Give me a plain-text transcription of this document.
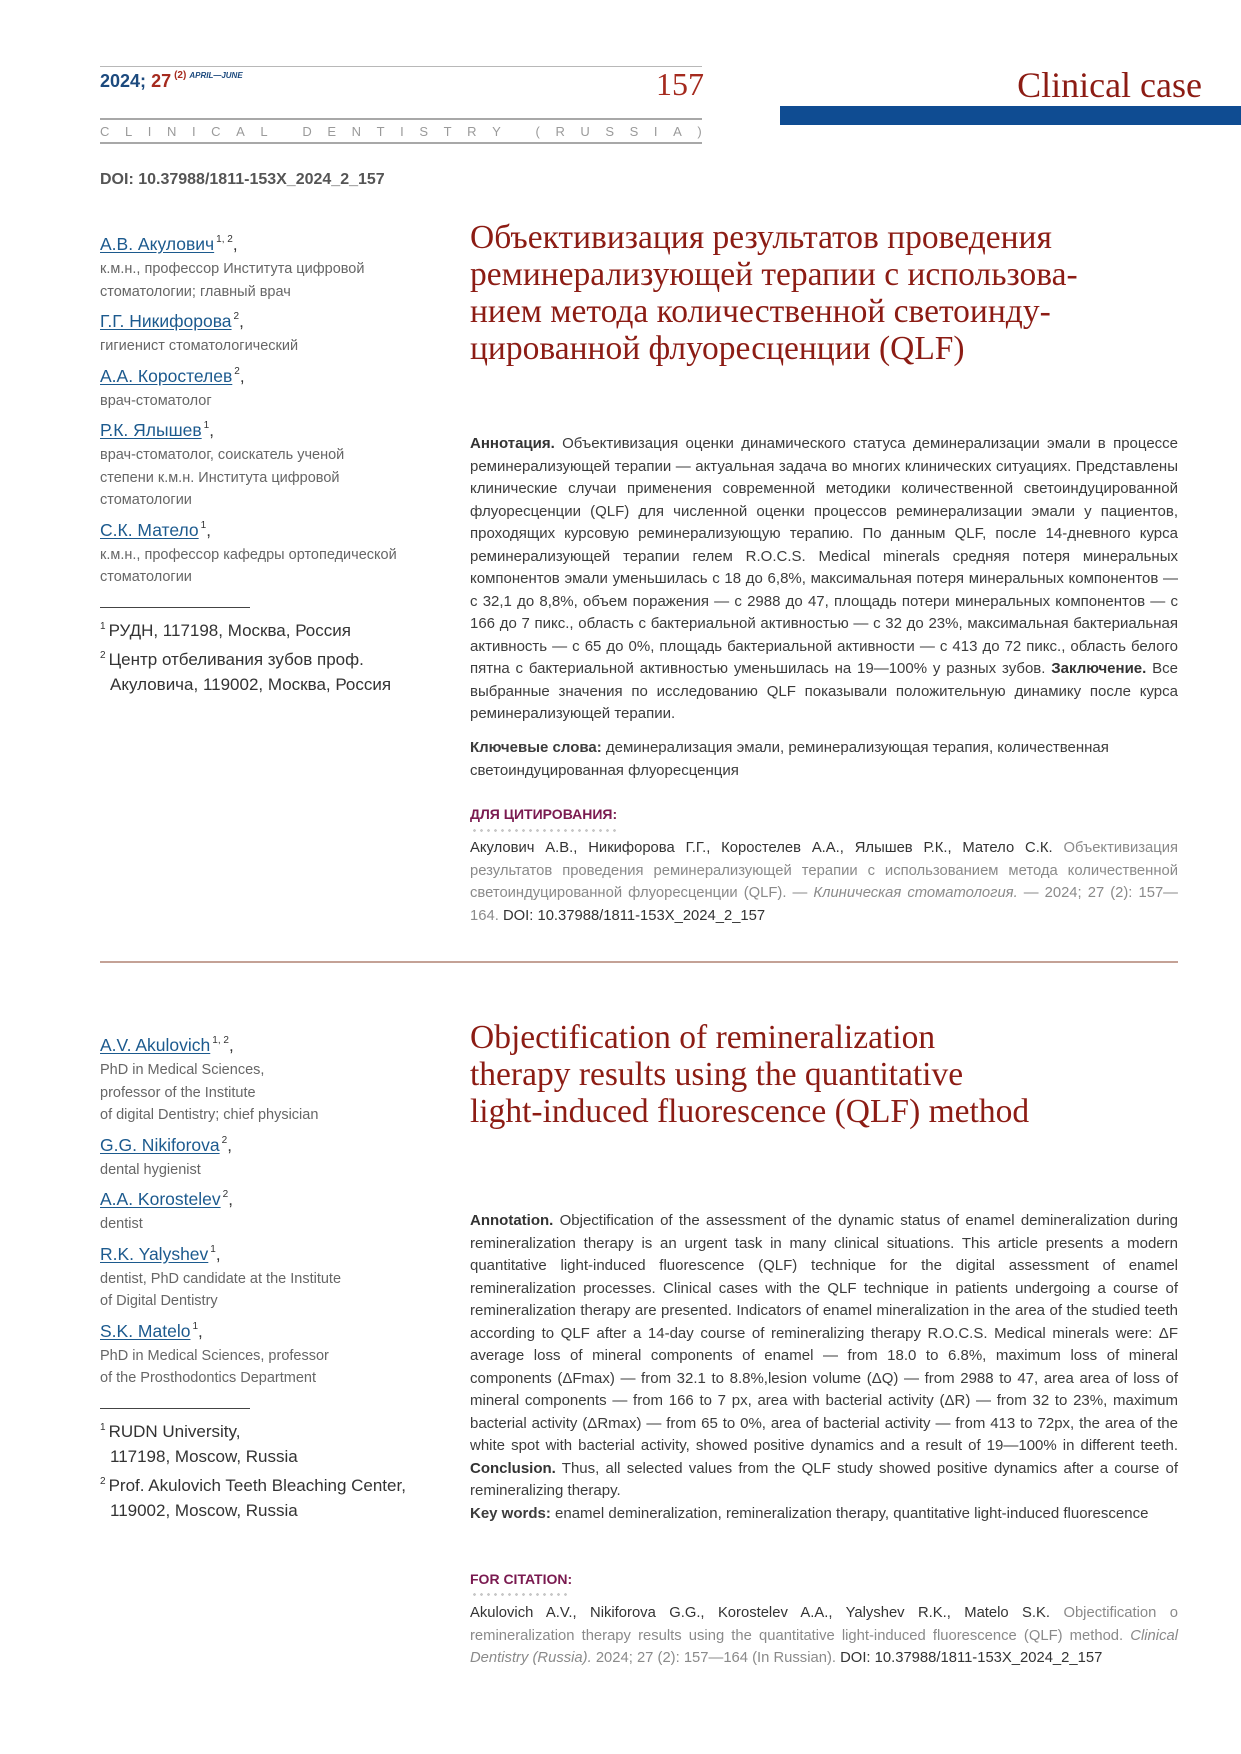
2024; 27 $^{(2)}$ $^{APRIL—JUNE}$	157
C L I N I C A L
	D E N T I S T R Y
	( R U S S I A )
Clinical case
DOI: 10.37988/1811-153X_2024_2_157
А.В. Акулович $^{1, 2}$,
к.м.н., профессор Института цифровой
стоматологии; главный врач
Г.Г. Никифорова $^2$,
гигиенист стоматологический
А.А. Коростелев $^2$,
врач-стоматолог
Р.К. Ялышев $^1$,
врач-стоматолог, соискатель ученой
степени к.м.н. Института цифровой
стоматологии
С.К. Матело $^1$,
к.м.н., профессор кафедры ортопедической
стоматологии
$^1$ РУДН, 117198, Москва, Россия
$^2$ Центр отбеливания зубов проф. Акуловича, 119002, Москва, Россия
Объективизация результатов проведения
реминерализующей терапии с использова-
нием метода количественной светоинду-
цированной флуоресценции (QLF)
Аннотация. Объективизация оценки динамического статуса деминерализации эмали в процессе реминерализующей терапии — актуальная задача во многих клинических ситуациях. Представлены клинические случаи применения современной методики количественной светоиндуцированной флуоресценции (QLF) для численной оценки процессов реминерализации эмали у пациентов, проходящих курсовую реминерализующую терапию. По данным QLF, после 14-дневного курса реминерализующей терапии гелем R.O.C.S. Medical minerals средняя потеря минеральных компонентов эмали уменьшилась с 18 до 6,8%, максимальная потеря минеральных компонентов — с 32,1 до 8,8%, объем поражения — с 2988 до 47, площадь потери минеральных компонентов — с 166 до 7 пикс., область с бактериальной активностью — с 32 до 23%, максимальная бактериальная активность — с 65 до 0%, площадь бактериальной активности — с 413 до 72 пикс., область белого пятна с бактериальной активностью уменьшилась на 19—100% у разных зубов. Заключение. Все выбранные значения по исследованию QLF показывали положительную динамику после курса реминерализующей терапии.
Ключевые слова: деминерализация эмали, реминерализующая терапия, количественная светоиндуцированная флуоресценция
ДЛЯ ЦИТИРОВАНИЯ:
Акулович А.В., Никифорова Г.Г., Коростелев А.А., Ялышев Р.К., Матело С.К. Объективизация результатов проведения реминерализующей терапии с использованием метода количественной светоиндуцированной флуоресценции (QLF). — Клиническая стоматология. — 2024; 27 (2): 157—164. DOI: 10.37988/1811-153X_2024_2_157
A.V. Akulovich $^{1, 2}$,
PhD in Medical Sciences,
professor of the Institute
of digital Dentistry; chief physician
G.G. Nikiforova $^2$,
dental hygienist
A.A. Korostelev $^2$,
dentist
R.K. Yalyshev $^1$,
dentist, PhD candidate at the Institute
of Digital Dentistry
S.K. Matelo $^1$,
PhD in Medical Sciences, professor
of the Prosthodontics Department
$^1$ RUDN University, 117198, Moscow, Russia
$^2$ Prof. Akulovich Teeth Bleaching Center, 119002, Moscow, Russia
Objectification of remineralization
therapy results using the quantitative
light-induced fluorescence (QLF) method
Annotation. Objectification of the assessment of the dynamic status of enamel demineralization during remineralization therapy is an urgent task in many clinical situations. This article presents a modern quantitative light-induced fluorescence (QLF) technique for the digital assessment of enamel remineralization processes. Clinical cases with the QLF technique in patients undergoing a course of remineralization therapy are presented. Indicators of enamel mineralization in the area of the studied teeth according to QLF after a 14-day course of remineralizing therapy R.O.C.S. Medical minerals were: ΔF average loss of mineral components of enamel — from 18.0 to 6.8%, maximum loss of mineral components (ΔFmax) — from 32.1 to 8.8%,lesion volume (ΔQ) — from 2988 to 47, area area of loss of mineral components — from 166 to 7 px, area with bacterial activity (ΔR) — from 32 to 23%, maximum bacterial activity (ΔRmax) — from 65 to 0%, area of bacterial activity — from 413 to 72px, the area of the white spot with bacterial activity, showed positive dynamics and a result of 19—100% in different teeth. Conclusion. Thus, all selected values from the QLF study showed positive dynamics after a course of remineralizing therapy.
Key words: enamel demineralization, remineralization therapy, quantitative light-induced fluorescence
FOR CITATION:
Akulovich A.V., Nikiforova G.G., Korostelev A.A., Yalyshev R.K., Matelo S.K. Objectification o remineralization therapy results using the quantitative light-induced fluorescence (QLF) method. Clinical Dentistry (Russia). 2024; 27 (2): 157—164 (In Russian). DOI: 10.37988/1811-153X_2024_2_157
